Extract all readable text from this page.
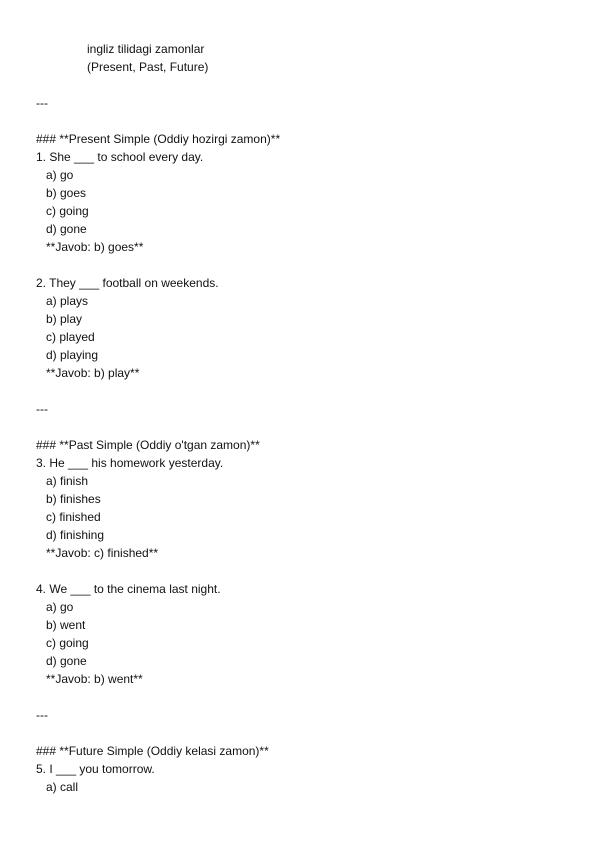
ingliz tilidagi zamonlar
(Present, Past, Future)
---
### **Present Simple (Oddiy hozirgi zamon)**
1. She ___ to school every day.
a) go
b) goes
c) going
d) gone
**Javob: b) goes**
2. They ___ football on weekends.
a) plays
b) play
c) played
d) playing
**Javob: b) play**
---
### **Past Simple (Oddiy o'tgan zamon)**
3. He ___ his homework yesterday.
a) finish
b) finishes
c) finished
d) finishing
**Javob: c) finished**
4. We ___ to the cinema last night.
a) go
b) went
c) going
d) gone
**Javob: b) went**
---
### **Future Simple (Oddiy kelasi zamon)**
5. I ___ you tomorrow.
a) call
